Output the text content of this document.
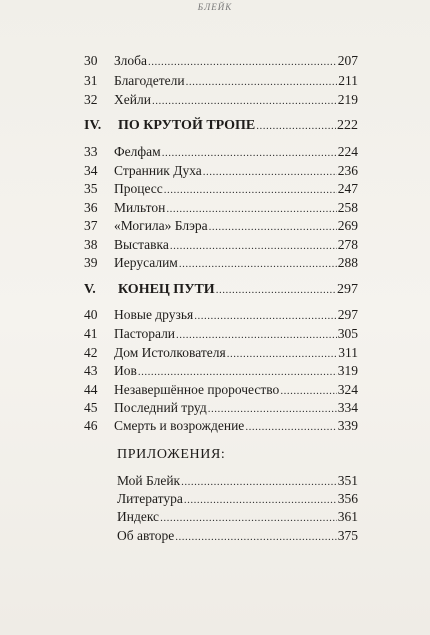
БЛЕЙК
30	Злоба .....	207
31	Благодетели .....	211
32	Хейли .....	219
IV.	ПО КРУТОЙ ТРОПЕ .....	222
33	Фелфам .....	224
34	Странник Духа .....	236
35	Процесс .....	247
36	Мильтон .....	258
37	«Могила» Блэра .....	269
38	Выставка .....	278
39	Иерусалим .....	288
V.	КОНЕЦ ПУТИ .....	297
40	Новые друзья .....	297
41	Пасторали .....	305
42	Дом Истолкователя .....	311
43	Иов .....	319
44	Незавершённое пророчество .....	324
45	Последний труд .....	334
46	Смерть и возрождение .....	339
ПРИЛОЖЕНИЯ:
Мой Блейк .....	351
Литература .....	356
Индекс .....	361
Об авторе .....	375
